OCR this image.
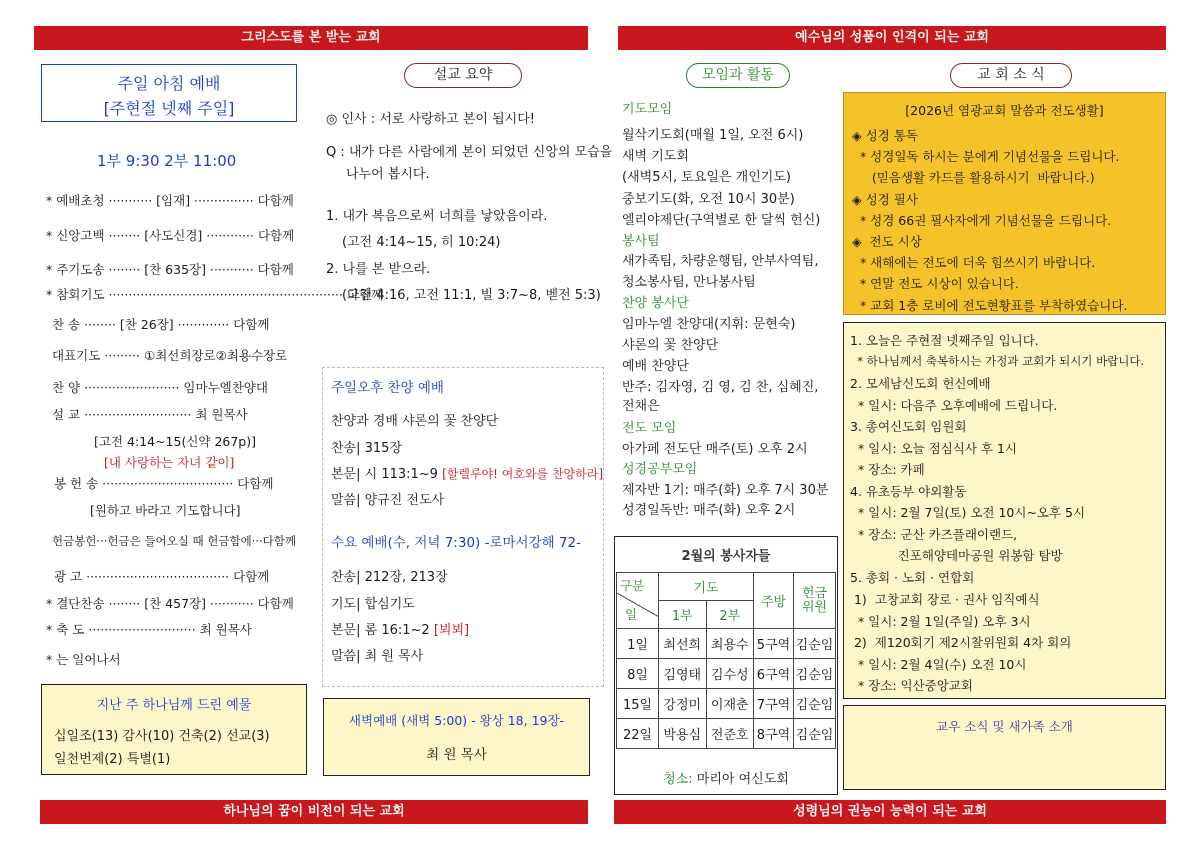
그리스도를 본 받는 교회	예수님의 성품이 인격이 되는 교회
하나님의 꿈이 비전이 되는 교회	성령님의 권능이 능력이 되는 교회
주일 아침 예배
[주현절 넷째 주일]
1부 9:30 2부 11:00
* 예배초청 ··········· [임재] ··············· 다함께
* 신앙고백 ········ [사도신경] ············ 다함께
* 주기도송 ········ [찬 635장] ··········· 다함께
* 참회기도 ··························································· 다함께
찬 송 ········ [찬 26장] ············· 다함께
대표기도 ········· ①최선희장로②최용수장로
찬 양 ························ 임마누엘찬양대
설 교 ··························· 최 원목사
[고전 4:14~15(신약 267p)]
[내 사랑하는 자녀 같이]
봉 헌 송 ································· 다함께
[원하고 바라고 기도합니다]
헌금봉헌···헌금은 들어오실 때 헌금함에···다함께
광 고 ···································· 다함께
* 결단찬송 ········ [찬 457장] ··········· 다함께
* 축 도 ··························· 최 원목사
* 는 일어나서
지난 주 하나님께 드린 예물
십일조(13) 감사(10) 건축(2) 선교(3)
일천번제(2) 특별(1)
설교 요약
◎ 인사 : 서로 사랑하고 본이 됩시다!
Q : 내가 다른 사람에게 본이 되었던 신앙의 모습을
나누어 봅시다.
1. 내가 복음으로써 너희를 낳았음이라.
(고전 4:14~15, 히 10:24)
2. 나를 본 받으라.
(고전 4:16, 고전 11:1, 빌 3:7~8, 벧전 5:3)
주일오후 찬양 예배
찬양과 경배 샤론의 꽃 찬양단
찬송| 315장
본문| 시 113:1~9 [할렐루야! 여호와를 찬양하라]
말씀| 양규진 전도사
수요 예배(수, 저녁 7:30) -로마서강해 72-
찬송| 212장, 213장
기도| 합심기도
본문| 롬 16:1~2 [뵈뵈]
말씀| 최 원 목사
새벽예배 (새벽 5:00) - 왕상 18, 19장-
최 원 목사
모임과 활동
기도모임
월삭기도회(매월 1일, 오전 6시)
새벽 기도회
(새벽5시, 토요일은 개인기도)
중보기도(화, 오전 10시 30분)
엘리야제단(구역별로 한 달씩 헌신)
봉사팀
새가족팀, 차량운행팀, 안부사역팀,
청소봉사팀, 만나봉사팀
찬양 봉사단
임마누엘 찬양대(지휘: 문현숙)
샤론의 꽃 찬양단
예배 찬양단
반주: 김자영, 김 영, 김 찬, 심혜진,
전채은
전도 모임
아가페 전도단 매주(토) 오후 2시
성경공부모임
제자반 1기: 매주(화) 오후 7시 30분
성경일독반: 매주(화) 오후 2시
2월의 봉사자들
구분
일	기도		주방	헌금
위원
	1부	2부		
1일	최선희	최용수	5구역	김순임
8일	김영태	김수성	6구역	김순임
15일	강정미	이재춘	7구역	김순임
22일	박용심	전준호	8구역	김순임
청소: 마리아 여신도회
교 회 소 식
[2026년 염광교회 말씀과 전도생활]
◈ 성경 통독
* 성경일독 하시는 분에게 기념선물을 드립니다.
(믿음생활 카드를 활용하시기  바랍니다.)
◈ 성경 필사
* 성경 66권 필사자에게 기념선물을 드립니다.
◈  전도 시상
* 새해에는 전도에 더욱 힘쓰시기 바랍니다.
* 연말 전도 시상이 있습니다.
* 교회 1층 로비에 전도현황표를 부착하였습니다.
1. 오늘은 주현절 넷째주일 입니다.
* 하나님께서 축복하시는 가정과 교회가 되시기 바랍니다.
2. 모세남신도회 헌신예배
* 일시: 다음주 오후예배에 드립니다.
3. 총여신도회 임원회
* 일시: 오늘 점심식사 후 1시
* 장소: 카페
4. 유초등부 야외활동
* 일시: 2월 7일(토) 오전 10시~오후 5시
* 장소: 군산 카즈플래이랜드,
진포해양테마공원 위봉함 탐방
5. 총회 · 노회 · 연합회
1)  고창교회 장로 · 권사 임직예식
* 일시: 2월 1일(주일) 오후 3시
2)  제120회기 제2시찰위원회 4차 회의
* 일시: 2월 4일(수) 오전 10시
* 장소: 익산중앙교회
교우 소식 및 새가족 소개
